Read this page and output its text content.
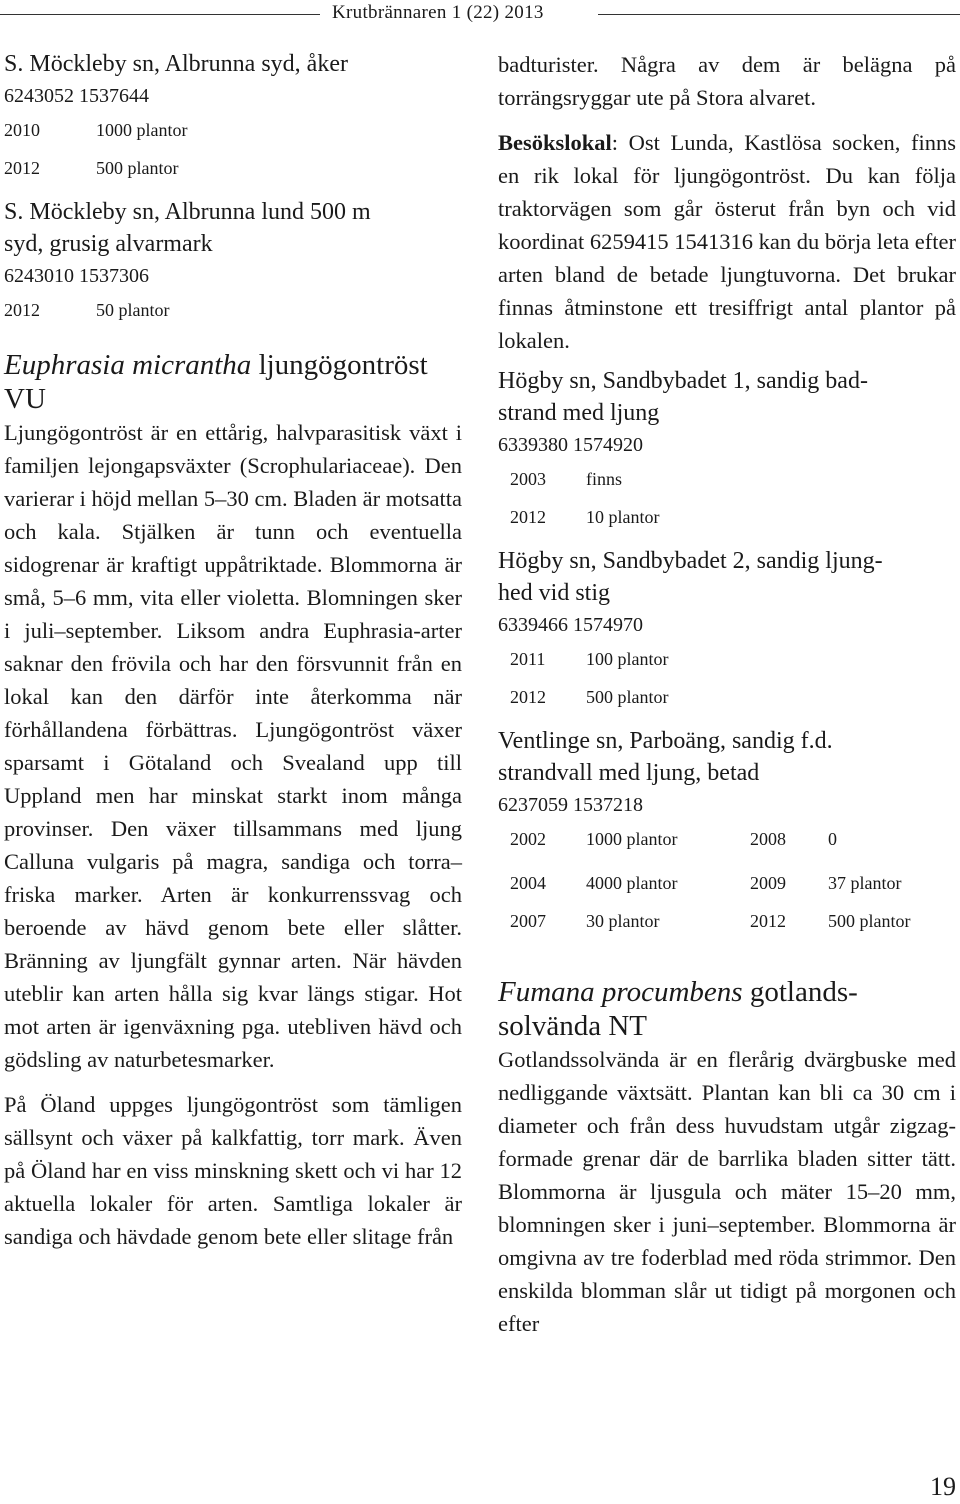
Krutbrännaren 1 (22) 2013

S. Möckleby sn, Albrunna syd, åker

6243052 1537644

2010	1000 plantor
2012	500 plantor

S. Möckleby sn, Albrunna lund 500 m

syd, grusig alvarmark

6243010 1537306

2012	50 plantor

Euphrasia micrantha ljungögontröst

VU

Ljungögontröst är en ettårig, halvparasitisk växt i familjen lejongapsväxter (Scrophulariaceae). Den varierar i höjd mellan 5–30 cm. Bladen är motsatta och kala. Stjälken är tunn och eventuella sidogrenar är kraftigt uppåtriktade. Blommorna är små, 5–6 mm, vita eller violetta. Blomningen sker i juli–september. Liksom andra Euphrasia-arter saknar den frövila och har den försvunnit från en lokal kan den därför inte återkomma när förhållandena förbättras. Ljungögontröst växer sparsamt i Götaland och Svealand upp till Uppland men har minskat starkt inom många provinser. Den växer tillsammans med ljung Calluna vulgaris på magra, sandiga och torra–friska marker. Arten är konkurrenssvag och beroende av hävd genom bete eller slåtter. Bränning av ljungfält gynnar arten. När hävden uteblir kan arten hålla sig kvar längs stigar. Hot mot arten är igenväxning pga. utebliven hävd och gödsling av naturbetesmarker.

På Öland uppges ljungögontröst som tämligen sällsynt och växer på kalkfattig, torr mark. Även på Öland har en viss minskning skett och vi har 12 aktuella lokaler för arten. Samtliga lokaler är sandiga och hävdade genom bete eller slitage från

badturister. Några av dem är belägna på torrängsryggar ute på Stora alvaret.

Besökslokal: Ost Lunda, Kastlösa socken, finns en rik lokal för ljungögontröst. Du kan följa traktorvägen som går österut från byn och vid koordinat 6259415 1541316 kan du börja leta efter arten bland de betade ljungtuvorna. Det brukar finnas åtminstone ett tresiffrigt antal plantor på lokalen.

Högby sn, Sandbybadet 1, sandig bad-

strand med ljung

6339380 1574920

2003	finns
2012	10 plantor

Högby sn, Sandbybadet 2, sandig ljung-

hed vid stig

6339466 1574970

2011	100 plantor
2012	500 plantor

Ventlinge sn, Parboäng, sandig f.d.

strandvall med ljung, betad

6237059 1537218

2002	1000 plantor	2008	0
2004	4000 plantor	2009	37 plantor
2007	30 plantor	2012	500 plantor

Fumana procumbens gotlands-

solvända NT

Gotlandssolvända är en flerårig dvärgbuske med nedliggande växtsätt. Plantan kan bli ca 30 cm i diameter och från dess huvudstam utgår zigzag-formade grenar där de barrlika bladen sitter tätt. Blommorna är ljusgula och mäter 15–20 mm, blomningen sker i juni–september. Blommorna är omgivna av tre foderblad med röda strimmor. Den enskilda blomman slår ut tidigt på morgonen och efter

19
